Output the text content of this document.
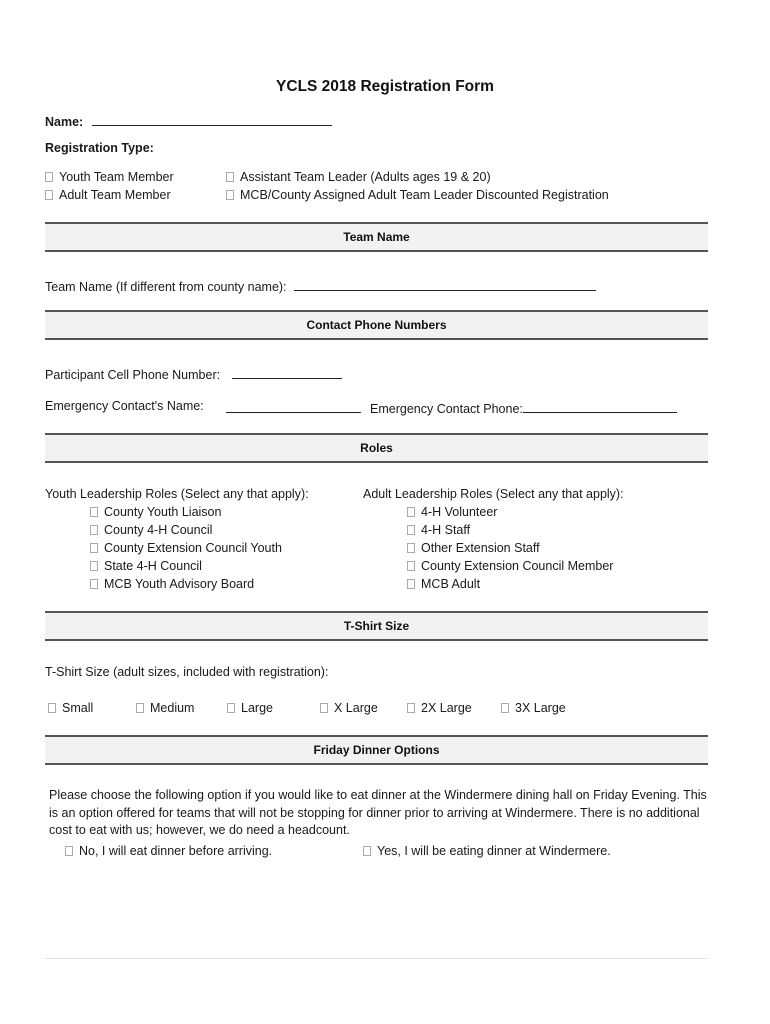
YCLS 2018 Registration Form
Name:
Registration Type:
Youth Team Member
Adult Team Member
Assistant Team Leader (Adults ages 19 & 20)
MCB/County Assigned Adult Team Leader Discounted Registration
Team Name
Team Name (If different from county name):
Contact Phone Numbers
Participant Cell Phone Number:
Emergency Contact's Name:	Emergency Contact Phone:
Roles
Youth Leadership Roles (Select any that apply):
County Youth Liaison
County 4-H Council
County Extension Council Youth
State 4-H Council
MCB Youth Advisory Board
Adult Leadership Roles (Select any that apply):
4-H Volunteer
4-H Staff
Other Extension Staff
County Extension Council Member
MCB Adult
T-Shirt Size
T-Shirt Size (adult sizes, included with registration):
Small	Medium	Large	X Large	2X Large	3X Large
Friday Dinner Options
Please choose the following option if you would like to eat dinner at the Windermere dining hall on Friday Evening. This is an option offered for teams that will not be stopping for dinner prior to arriving at Windermere. There is no additional cost to eat with us; however, we do need a headcount.
No, I will eat dinner before arriving.	Yes, I will be eating dinner at Windermere.
